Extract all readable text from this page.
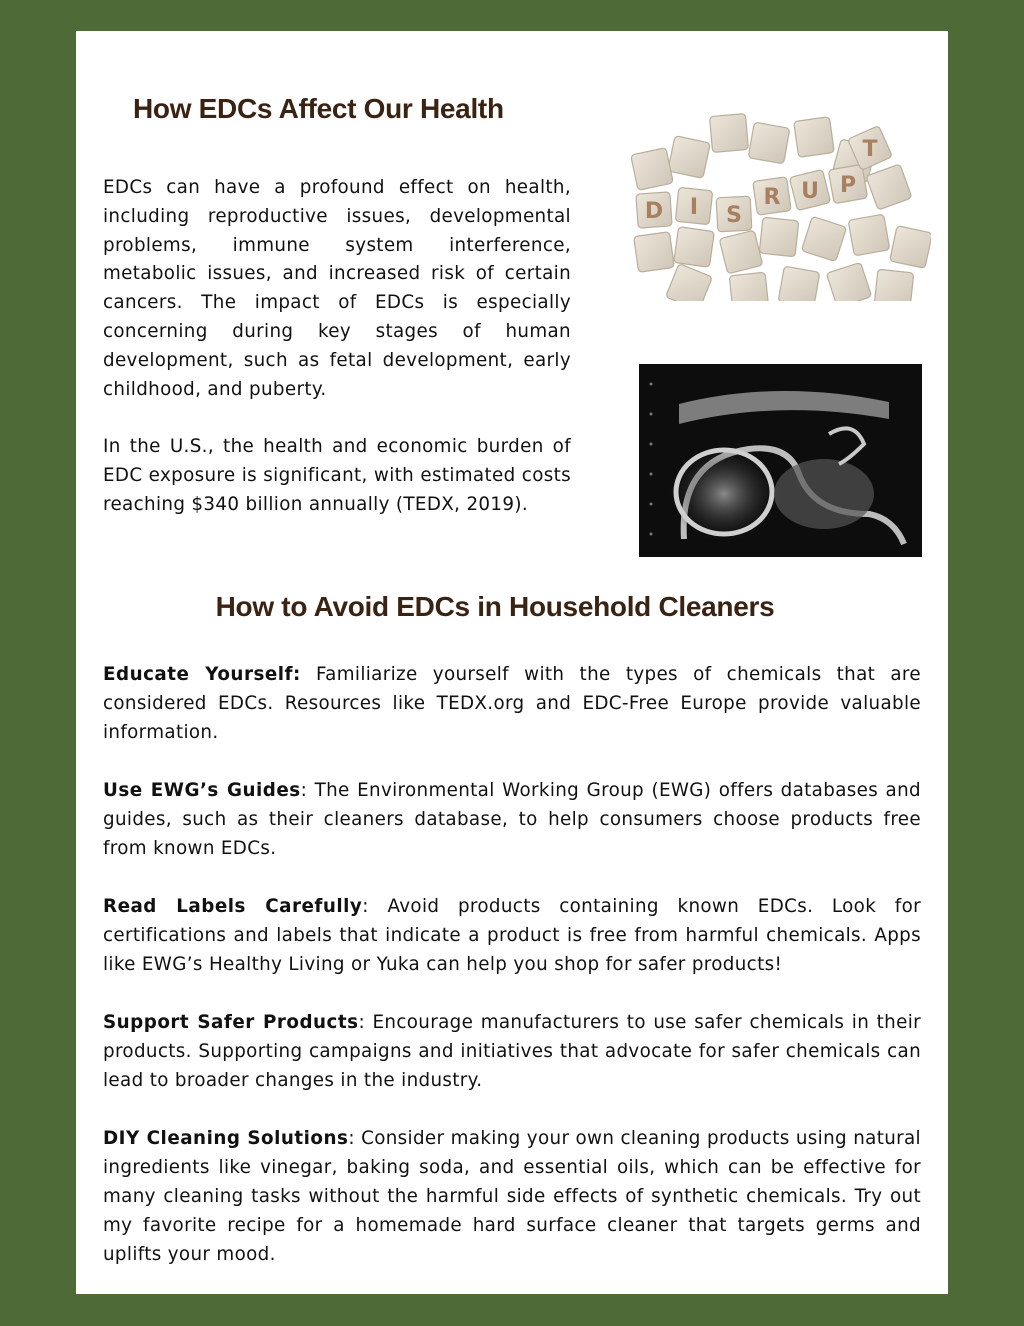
How EDCs Affect Our Health

EDCs can have a profound effect on health, including reproductive issues, developmental problems, immune system interference, metabolic issues, and increased risk of certain cancers. The impact of EDCs is especially concerning during key stages of human development, such as fetal development, early childhood, and puberty.

In the U.S., the health and economic burden of EDC exposure is significant, with estimated costs reaching $340 billion annually (TEDX, 2019).

D I S
R U P
T
How to Avoid EDCs in Household Cleaners

Educate Yourself: Familiarize yourself with the types of chemicals that are considered EDCs. Resources like TEDX.org and EDC-Free Europe provide valuable information.

Use EWG’s Guides: The Environmental Working Group (EWG) offers databases and guides, such as their cleaners database, to help consumers choose products free from known EDCs.

Read Labels Carefully: Avoid products containing known EDCs. Look for certifications and labels that indicate a product is free from harmful chemicals. Apps like EWG’s Healthy Living or Yuka can help you shop for safer products!

Support Safer Products: Encourage manufacturers to use safer chemicals in their products. Supporting campaigns and initiatives that advocate for safer chemicals can lead to broader changes in the industry.

DIY Cleaning Solutions: Consider making your own cleaning products using natural ingredients like vinegar, baking soda, and essential oils, which can be effective for many cleaning tasks without the harmful side effects of synthetic chemicals. Try out my favorite recipe for a homemade hard surface cleaner that targets germs and uplifts your mood.
